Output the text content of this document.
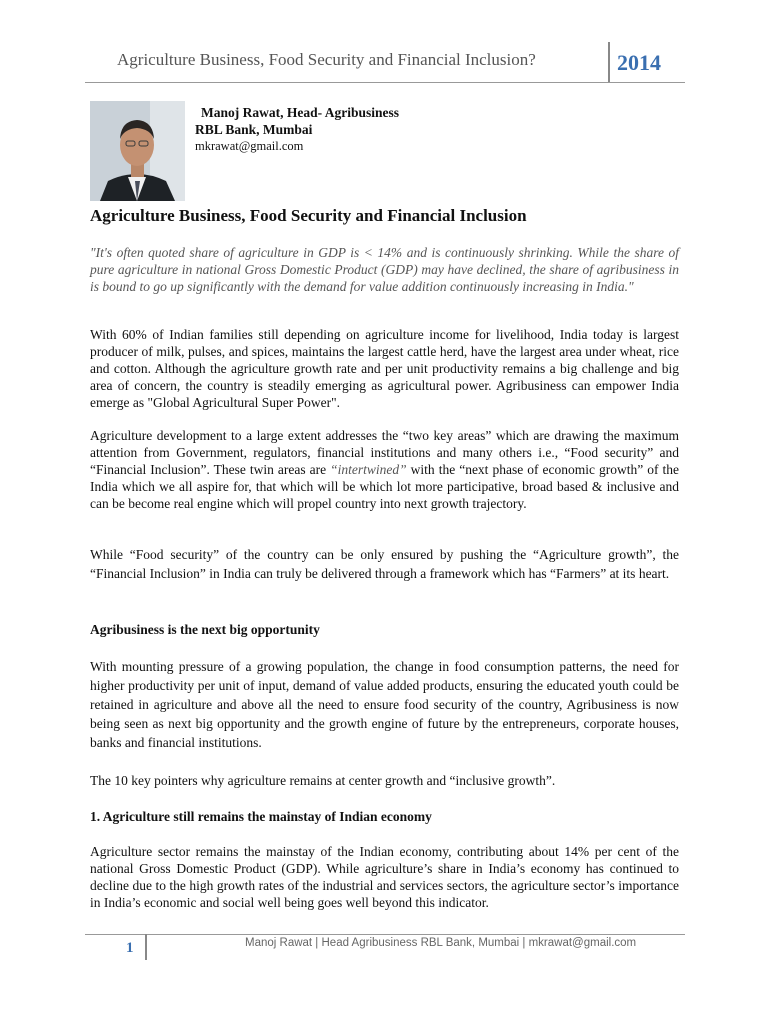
Agriculture Business, Food Security and Financial Inclusion?	2014
Manoj Rawat, Head- Agribusiness
RBL Bank, Mumbai
mkrawat@gmail.com
Agriculture Business, Food Security and Financial Inclusion
"It's often quoted share of agriculture in GDP is < 14% and is continuously shrinking. While the share of pure agriculture in national Gross Domestic Product (GDP) may have declined, the share of agribusiness in is bound to go up significantly with the demand for value addition continuously increasing in India."
With 60% of Indian families still depending on agriculture income for livelihood, India today is largest producer of milk, pulses, and spices, maintains the largest cattle herd, have the largest area under wheat, rice and cotton. Although the agriculture growth rate and per unit productivity remains a big challenge and big area of concern, the country is steadily emerging as agricultural power. Agribusiness can empower India emerge as "Global Agricultural Super Power".
Agriculture development to a large extent addresses the “two key areas” which are drawing the maximum attention from Government, regulators, financial institutions and many others i.e., “Food security” and “Financial Inclusion”. These twin areas are “intertwined” with the “next phase of economic growth” of the India which we all aspire for, that which will be which lot more participative, broad based & inclusive and can be become real engine which will propel country into next growth trajectory.
While “Food security” of the country can be only ensured by pushing the “Agriculture growth”, the “Financial Inclusion” in India can truly be delivered through a framework which has “Farmers” at its heart.
Agribusiness is the next big opportunity
With mounting pressure of a growing population, the change in food consumption patterns, the need for higher productivity per unit of input, demand of value added products, ensuring the educated youth could be retained in agriculture and above all the need to ensure food security of the country, Agribusiness is now being seen as next big opportunity and the growth engine of future by the entrepreneurs, corporate houses, banks and financial institutions.
The 10 key pointers why agriculture remains at center growth and “inclusive growth”.
1. Agriculture still remains the mainstay of Indian economy
Agriculture sector remains the mainstay of the Indian economy, contributing about 14% per cent of the national Gross Domestic Product (GDP). While agriculture’s share in India’s economy has continued to decline due to the high growth rates of the industrial and services sectors, the agriculture sector’s importance in India’s economic and social well being goes well beyond this indicator.
1	Manoj Rawat | Head Agribusiness RBL Bank, Mumbai | mkrawat@gmail.com
